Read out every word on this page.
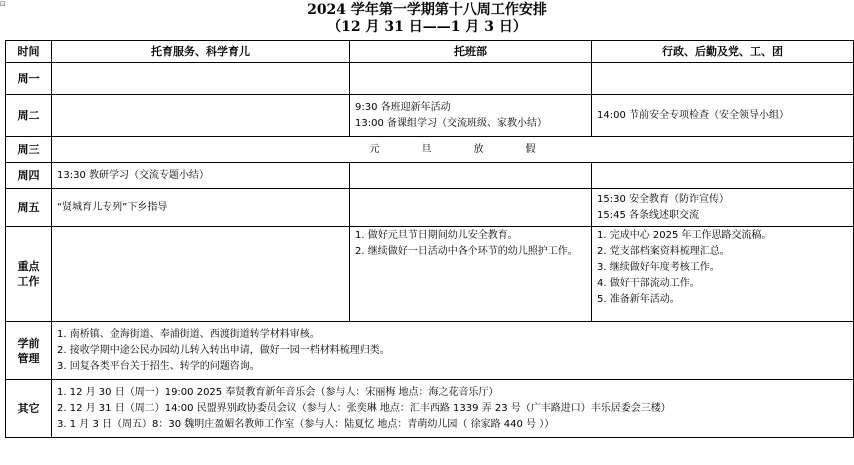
⊡	2024 学年第一学期第十八周工作安排
（12 月 31 日——1 月 3 日）
时间	托育服务、科学育儿	托班部	行政、后勤及党、工、团
周一			
周二		9:30 各班迎新年活动
13:00 备课组学习（交流班级、家教小结）	14:00 节前安全专项检查（安全领导小组）

周三	元旦放假		
周四	13:30 教研学习（交流专题小结）		

周五	“贤城育儿专列”下乡指导		15:30 安全教育（防诈宣传）
15:45 各条线述职交流

重点
工作		1. 做好元旦节日期间幼儿安全教育。
2. 继续做好一日活动中各个环节的幼儿照护工作。	1. 完成中心 2025 年工作思路交流稿。
2. 党支部档案资料梳理汇总。
3. 继续做好年度考核工作。
4. 做好干部流动工作。
5. 准备新年活动。

学前
管理	1. 南桥镇、金海街道、奉浦街道、西渡街道转学材料审核。
2. 接收学期中途公民办园幼儿转入转出申请，做好一园一档材料梳理归类。
3. 回复各类平台关于招生、转学的问题咨询。		

其它	1. 12 月 30 日（周一）19:00 2025 奉贤教育新年音乐会（参与人：宋丽梅 地点：海之花音乐厅）
2. 12 月 31 日（周二）14:00 民盟界别政协委员会议（参与人：张奕琳 地点：汇丰西路 1339 弄 23 号（广丰路进口）丰乐居委会三楼）
3. 1 月 3 日（周五）8：30 魏明庄盈媚名教师工作室（参与人：陆夏忆 地点：青萌幼儿园（ 徐家路 440 号 ））		
